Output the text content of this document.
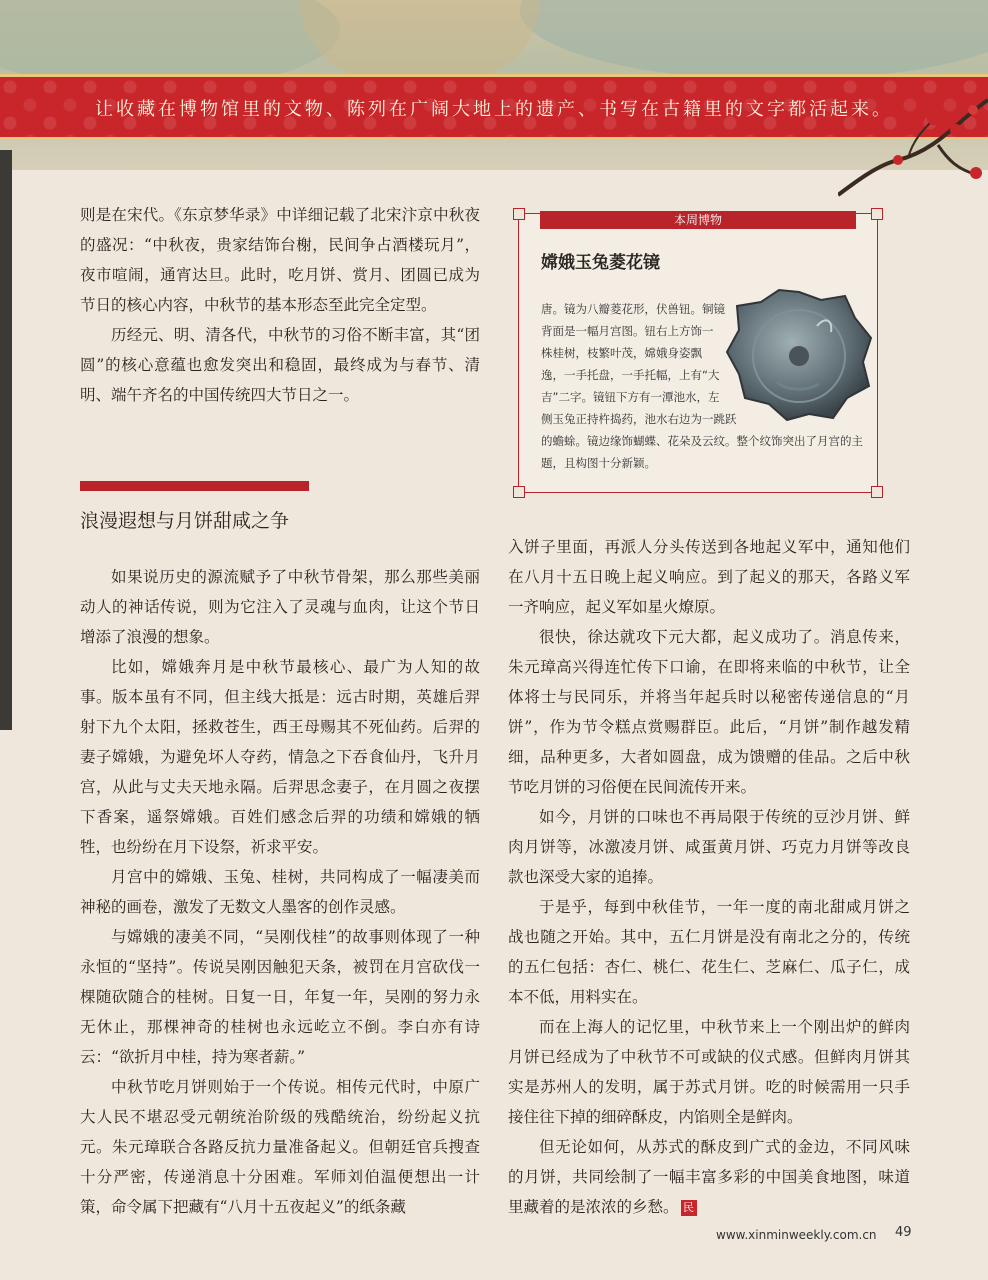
让收藏在博物馆里的文物、陈列在广阔大地上的遗产、书写在古籍里的文字都活起来。

则是在宋代。《东京梦华录》中详细记载了北宋汴京中秋夜的盛况：“中秋夜，贵家结饰台榭，民间争占酒楼玩月”，夜市喧闹，通宵达旦。此时，吃月饼、赏月、团圆已成为节日的核心内容，中秋节的基本形态至此完全定型。

历经元、明、清各代，中秋节的习俗不断丰富，其“团圆”的核心意蕴也愈发突出和稳固，最终成为与春节、清明、端午齐名的中国传统四大节日之一。

浪漫遐想与月饼甜咸之争

如果说历史的源流赋予了中秋节骨架，那么那些美丽动人的神话传说，则为它注入了灵魂与血肉，让这个节日增添了浪漫的想象。

比如，嫦娥奔月是中秋节最核心、最广为人知的故事。版本虽有不同，但主线大抵是：远古时期，英雄后羿射下九个太阳，拯救苍生，西王母赐其不死仙药。后羿的妻子嫦娥，为避免坏人夺药，情急之下吞食仙丹，飞升月宫，从此与丈夫天地永隔。后羿思念妻子，在月圆之夜摆下香案，遥祭嫦娥。百姓们感念后羿的功绩和嫦娥的牺牲，也纷纷在月下设祭，祈求平安。

月宫中的嫦娥、玉兔、桂树，共同构成了一幅凄美而神秘的画卷，激发了无数文人墨客的创作灵感。

与嫦娥的凄美不同，“吴刚伐桂”的故事则体现了一种永恒的“坚持”。传说吴刚因触犯天条，被罚在月宫砍伐一棵随砍随合的桂树。日复一日，年复一年，吴刚的努力永无休止，那棵神奇的桂树也永远屹立不倒。李白亦有诗云：“欲折月中桂，持为寒者薪。”

中秋节吃月饼则始于一个传说。相传元代时，中原广大人民不堪忍受元朝统治阶级的残酷统治，纷纷起义抗元。朱元璋联合各路反抗力量准备起义。但朝廷官兵搜查十分严密，传递消息十分困难。军师刘伯温便想出一计策，命令属下把藏有“八月十五夜起义”的纸条藏

入饼子里面，再派人分头传送到各地起义军中，通知他们在八月十五日晚上起义响应。到了起义的那天，各路义军一齐响应，起义军如星火燎原。

很快，徐达就攻下元大都，起义成功了。消息传来，朱元璋高兴得连忙传下口谕，在即将来临的中秋节，让全体将士与民同乐，并将当年起兵时以秘密传递信息的“月饼”，作为节令糕点赏赐群臣。此后，“月饼”制作越发精细，品种更多，大者如圆盘，成为馈赠的佳品。之后中秋节吃月饼的习俗便在民间流传开来。

如今，月饼的口味也不再局限于传统的豆沙月饼、鲜肉月饼等，冰激凌月饼、咸蛋黄月饼、巧克力月饼等改良款也深受大家的追捧。

于是乎，每到中秋佳节，一年一度的南北甜咸月饼之战也随之开始。其中，五仁月饼是没有南北之分的，传统的五仁包括：杏仁、桃仁、花生仁、芝麻仁、瓜子仁，成本不低，用料实在。

而在上海人的记忆里，中秋节来上一个刚出炉的鲜肉月饼已经成为了中秋节不可或缺的仪式感。但鲜肉月饼其实是苏州人的发明，属于苏式月饼。吃的时候需用一只手接住往下掉的细碎酥皮，内馅则全是鲜肉。

但无论如何，从苏式的酥皮到广式的金边，不同风味的月饼，共同绘制了一幅丰富多彩的中国美食地图，味道里藏着的是浓浓的乡愁。 民

本周博物
嫦娥玉兔菱花镜
唐。镜为八瓣菱花形，伏兽钮。铜镜背面是一幅月宫图。钮右上方饰一株桂树，枝繁叶茂，嫦娥身姿飘逸，一手托盘，一手托幅，上有“大吉”二字。镜钮下方有一潭池水，左侧玉兔正持杵捣药，池水右边为一跳跃的蟾蜍。镜边缘饰蝴蝶、花朵及云纹。整个纹饰突出了月宫的主题，且构图十分新颖。
www.xinminweekly.com.cn 49
